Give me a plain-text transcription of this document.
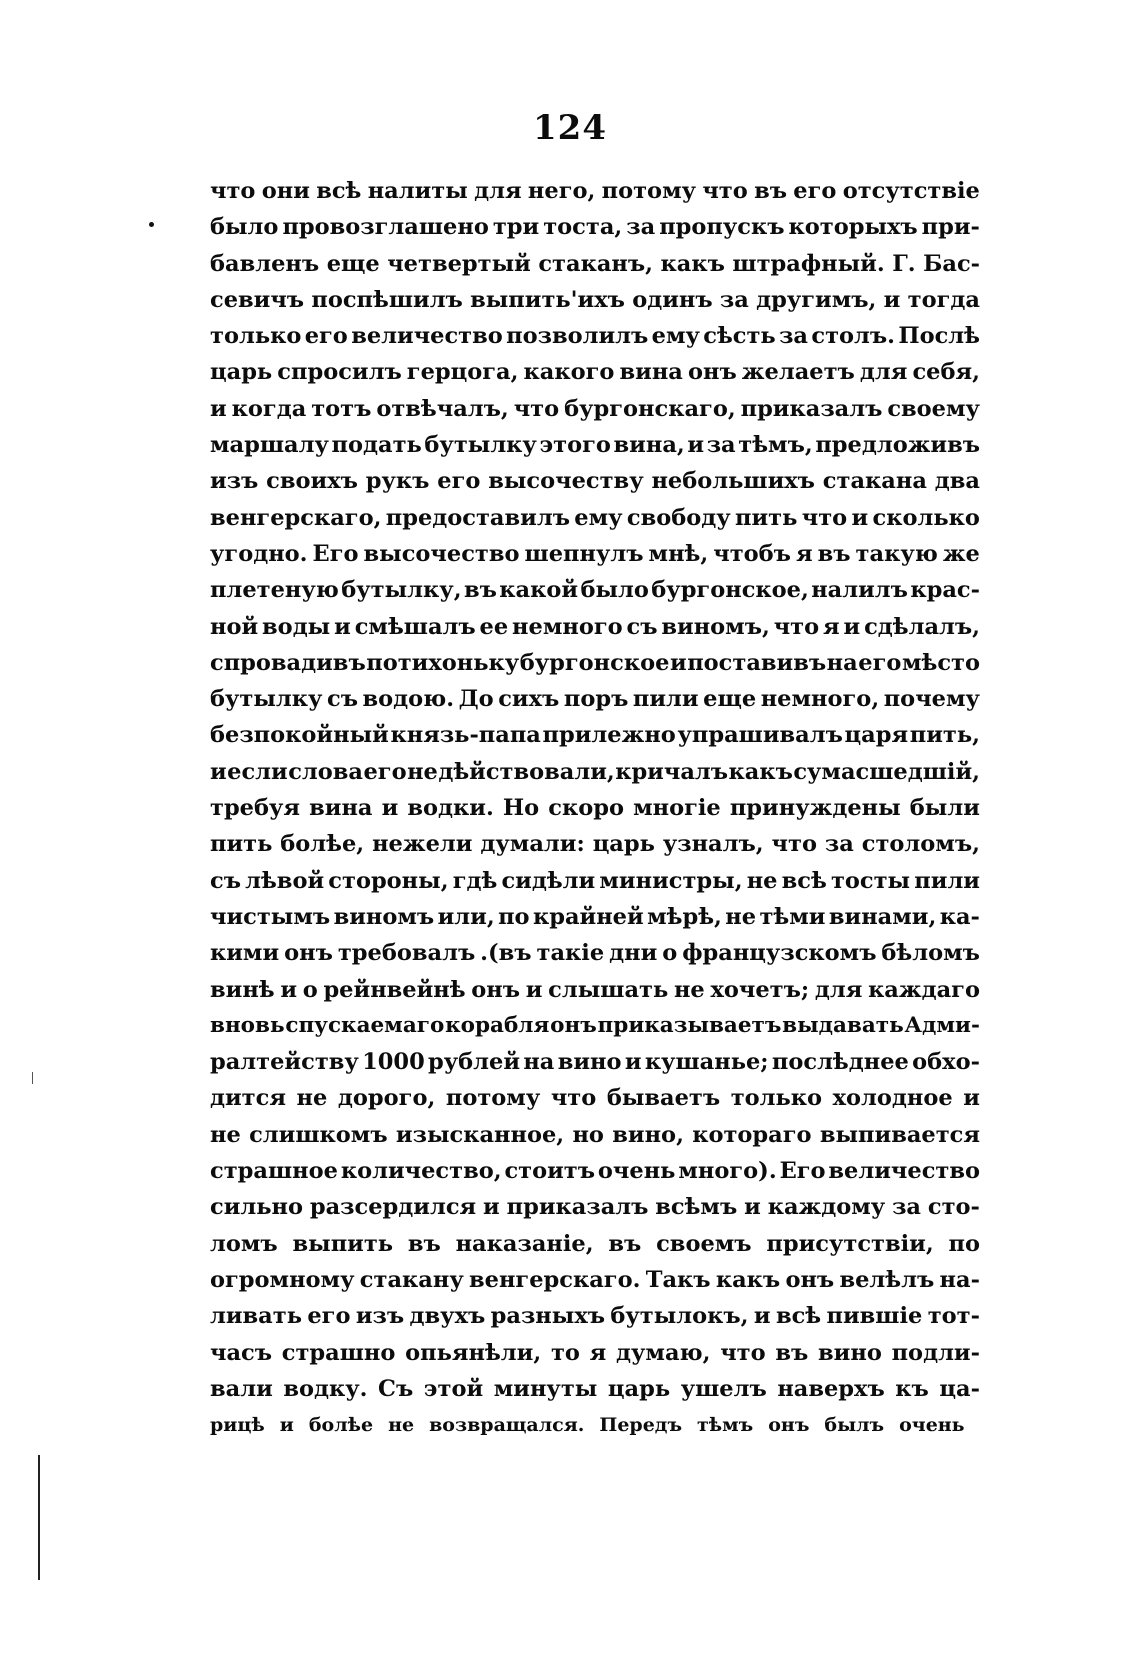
124
что они всѣ налиты для него, потому что въ его отсутствіе
было провозглашено три тоста, за пропускъ которыхъ при-
бавленъ еще четвертый стаканъ, какъ штрафный. Г. Бас-
севичъ поспѣшилъ выпить'ихъ одинъ за другимъ, и тогда
только его величество позволилъ ему сѣсть за столъ. Послѣ
царь спросилъ герцога, какого вина онъ желаетъ для себя,
и когда тотъ отвѣчалъ, что бургонскаго, приказалъ своему
маршалу подать бутылку этого вина, и за тѣмъ, предложивъ
изъ своихъ рукъ его высочеству небольшихъ стакана два
венгерскаго, предоставилъ ему свободу пить что и сколько
угодно. Его высочество шепнулъ мнѣ, чтобъ я въ такую же
плетеную бутылку, въ какой было бургонское, налилъ крас-
ной воды и смѣшалъ ее немного съ виномъ, что я и сдѣлалъ,
спровадивъ потихоньку бургонское и поставивъ на его мѣсто
бутылку съ водою. До сихъ поръ пили еще немного, почему
безпокойный князь-папа прилежно упрашивалъ царя пить,
и если слова его не дѣйствовали, кричалъ какъ сумасшедшій,
требуя вина и водки. Но скоро многіе принуждены были
пить болѣе, нежели думали: царь узналъ, что за столомъ,
съ лѣвой стороны, гдѣ сидѣли министры, не всѣ тосты пили
чистымъ виномъ или, по крайней мѣрѣ, не тѣми винами, ка-
кими онъ требовалъ .(въ такіе дни о французскомъ бѣломъ
винѣ и о рейнвейнѣ онъ и слышать не хочетъ; для каждаго
вновь спускаемаго корабля онъ приказываетъ выдавать Адми-
ралтейству 1000 рублей на вино и кушанье; послѣднее обхо-
дится не дорого, потому что бываетъ только холодное и
не слишкомъ изысканное, но вино, котораго выпивается
страшное количество, стоитъ очень много). Его величество
сильно разсердился и приказалъ всѣмъ и каждому за сто-
ломъ выпить въ наказаніе, въ своемъ присутствіи, по
огромному стакану венгерскаго. Такъ какъ онъ велѣлъ на-
ливать его изъ двухъ разныхъ бутылокъ, и всѣ пившіе тот-
часъ страшно опьянѣли, то я думаю, что въ вино подли-
вали водку. Съ этой минуты царь ушелъ наверхъ къ ца-
рицѣ и болѣе не возвращался. Передъ тѣмъ онъ былъ очень
